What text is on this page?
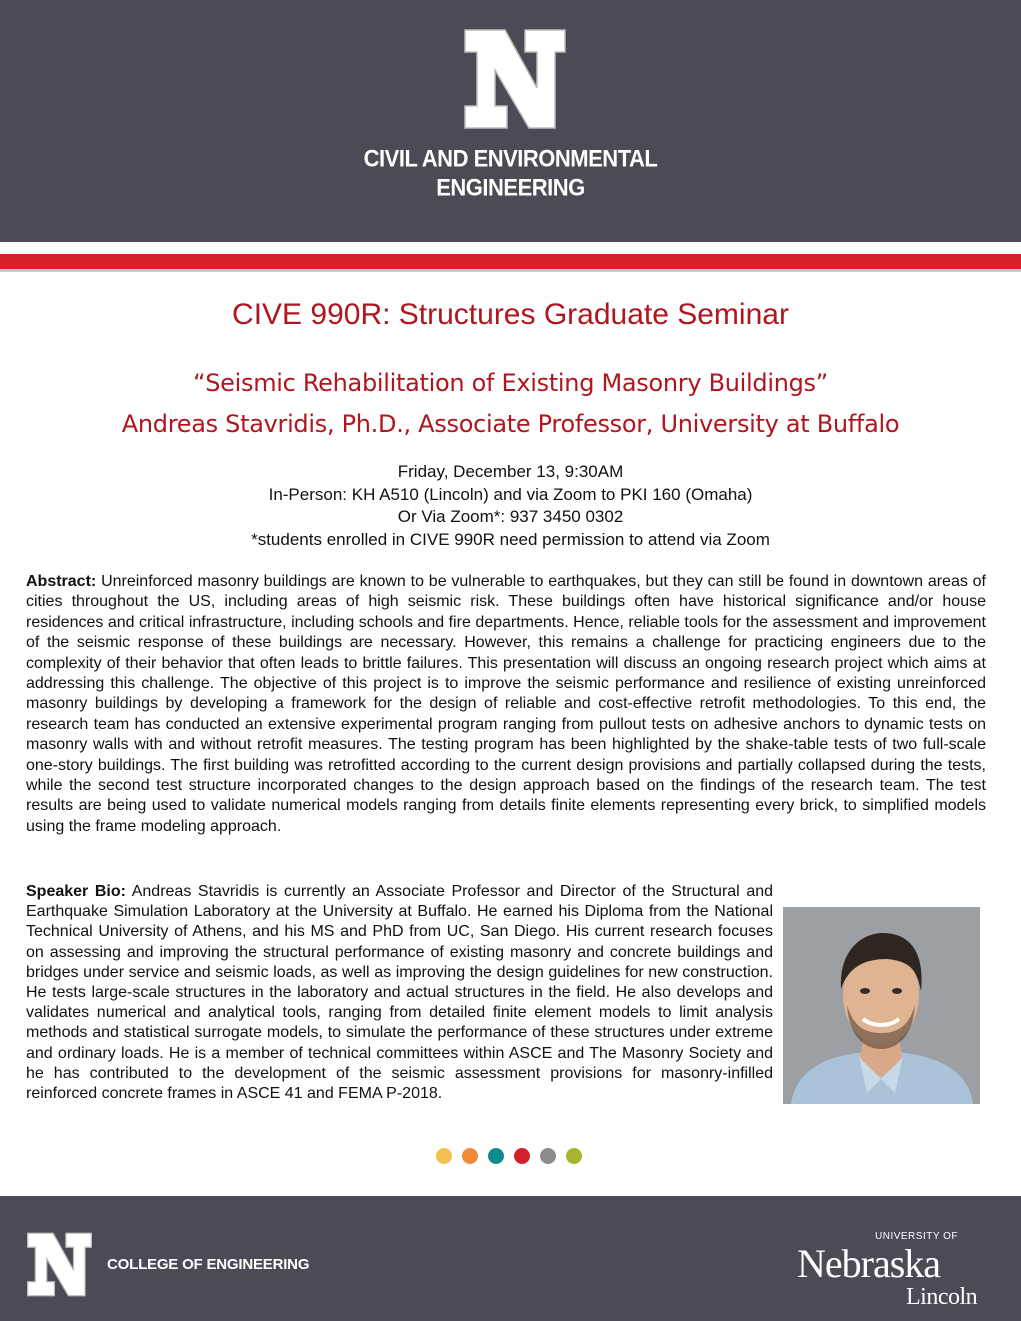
CIVIL AND ENVIRONMENTAL
ENGINEERING
CIVE 990R: Structures Graduate Seminar
“Seismic Rehabilitation of Existing Masonry Buildings”
Andreas Stavridis, Ph.D., Associate Professor, University at Buffalo
Friday, December 13, 9:30AM
In-Person: KH A510 (Lincoln) and via Zoom to PKI 160 (Omaha)
Or Via Zoom*: 937 3450 0302
*students enrolled in CIVE 990R need permission to attend via Zoom

Abstract: Unreinforced masonry buildings are known to be vulnerable to earthquakes, but they can still be found in downtown areas of cities throughout the US, including areas of high seismic risk. These buildings often have historical significance and/or house residences and critical infrastructure, including schools and fire departments. Hence, reliable tools for the assessment and improvement of the seismic response of these buildings are necessary. However, this remains a challenge for practicing engineers due to the complexity of their behavior that often leads to brittle failures. This presentation will discuss an ongoing research project which aims at addressing this challenge. The objective of this project is to improve the seismic performance and resilience of existing unreinforced masonry buildings by developing a framework for the design of reliable and cost-effective retrofit methodologies. To this end, the research team has conducted an extensive experimental program ranging from pullout tests on adhesive anchors to dynamic tests on masonry walls with and without retrofit measures. The testing program has been highlighted by the shake-table tests of two full-scale one-story buildings. The first building was retrofitted according to the current design provisions and partially collapsed during the tests, while the second test structure incorporated changes to the design approach based on the findings of the research team. The test results are being used to validate numerical models ranging from details finite elements representing every brick, to simplified models using the frame modeling approach.

Speaker Bio: Andreas Stavridis is currently an Associate Professor and Director of the Structural and Earthquake Simulation Laboratory at the University at Buffalo. He earned his Diploma from the National Technical University of Athens, and his MS and PhD from UC, San Diego. His current research focuses on assessing and improving the structural performance of existing masonry and concrete buildings and bridges under service and seismic loads, as well as improving the design guidelines for new construction. He tests large-scale structures in the laboratory and actual structures in the field. He also develops and validates numerical and analytical tools, ranging from detailed finite element models to limit analysis methods and statistical surrogate models, to simulate the performance of these structures under extreme and ordinary loads. He is a member of technical committees within ASCE and The Masonry Society and he has contributed to the development of the seismic assessment provisions for masonry-infilled reinforced concrete frames in ASCE 41 and FEMA P-2018.

COLLEGE OF ENGINEERING
UNIVERSITY OF
Nebraska
Lincoln
